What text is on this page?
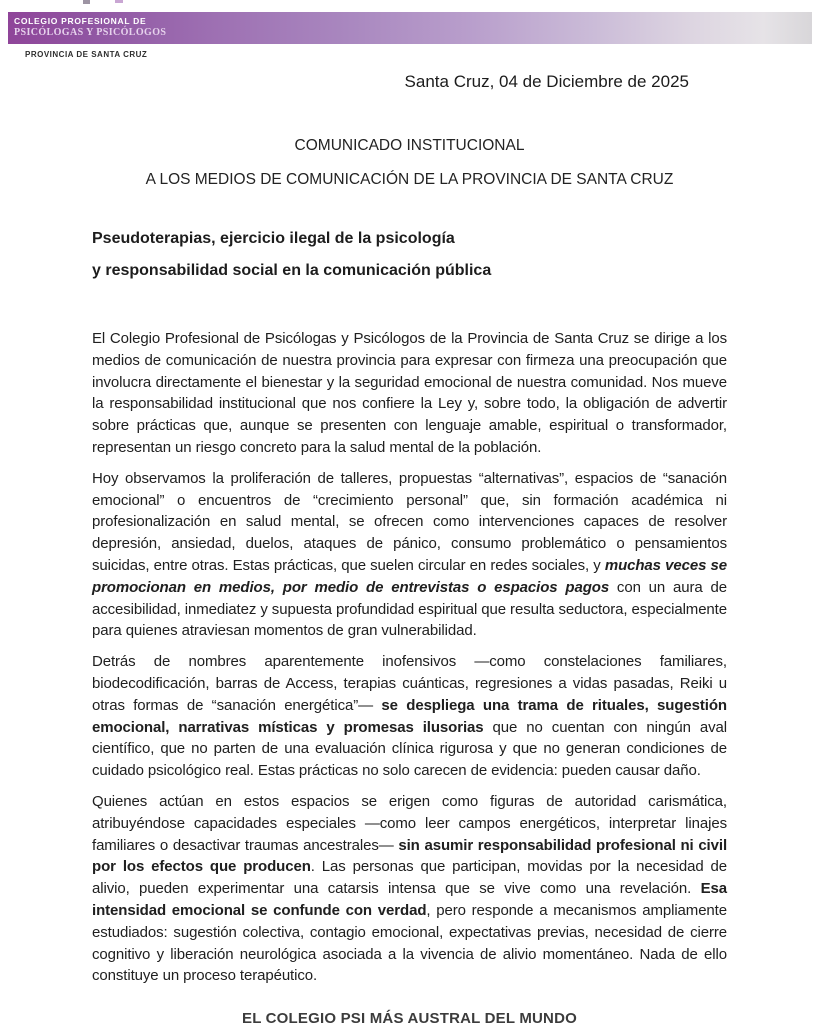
COLEGIO PROFESIONAL DE
PSICÓLOGAS Y PSICÓLOGOS
PROVINCIA DE SANTA CRUZ
Santa Cruz, 04 de Diciembre de 2025
COMUNICADO INSTITUCIONAL
A LOS MEDIOS DE COMUNICACIÓN DE LA PROVINCIA DE SANTA CRUZ
Pseudoterapias, ejercicio ilegal de la psicología
y responsabilidad social en la comunicación pública
El Colegio Profesional de Psicólogas y Psicólogos de la Provincia de Santa Cruz se dirige a los medios de comunicación de nuestra provincia para expresar con firmeza una preocupación que involucra directamente el bienestar y la seguridad emocional de nuestra comunidad. Nos mueve la responsabilidad institucional que nos confiere la Ley y, sobre todo, la obligación de advertir sobre prácticas que, aunque se presenten con lenguaje amable, espiritual o transformador, representan un riesgo concreto para la salud mental de la población.
Hoy observamos la proliferación de talleres, propuestas “alternativas”, espacios de “sanación emocional” o encuentros de “crecimiento personal” que, sin formación académica ni profesionalización en salud mental, se ofrecen como intervenciones capaces de resolver depresión, ansiedad, duelos, ataques de pánico, consumo problemático o pensamientos suicidas, entre otras. Estas prácticas, que suelen circular en redes sociales, y muchas veces se promocionan en medios, por medio de entrevistas o espacios pagos con un aura de accesibilidad, inmediatez y supuesta profundidad espiritual que resulta seductora, especialmente para quienes atraviesan momentos de gran vulnerabilidad.
Detrás de nombres aparentemente inofensivos —como constelaciones familiares, biodecodificación, barras de Access, terapias cuánticas, regresiones a vidas pasadas, Reiki u otras formas de “sanación energética”— se despliega una trama de rituales, sugestión emocional, narrativas místicas y promesas ilusorias que no cuentan con ningún aval científico, que no parten de una evaluación clínica rigurosa y que no generan condiciones de cuidado psicológico real. Estas prácticas no solo carecen de evidencia: pueden causar daño.
Quienes actúan en estos espacios se erigen como figuras de autoridad carismática, atribuyéndose capacidades especiales —como leer campos energéticos, interpretar linajes familiares o desactivar traumas ancestrales— sin asumir responsabilidad profesional ni civil por los efectos que producen. Las personas que participan, movidas por la necesidad de alivio, pueden experimentar una catarsis intensa que se vive como una revelación. Esa intensidad emocional se confunde con verdad, pero responde a mecanismos ampliamente estudiados: sugestión colectiva, contagio emocional, expectativas previas, necesidad de cierre cognitivo y liberación neurológica asociada a la vivencia de alivio momentáneo. Nada de ello constituye un proceso terapéutico.
EL COLEGIO PSI MÁS AUSTRAL DEL MUNDO
